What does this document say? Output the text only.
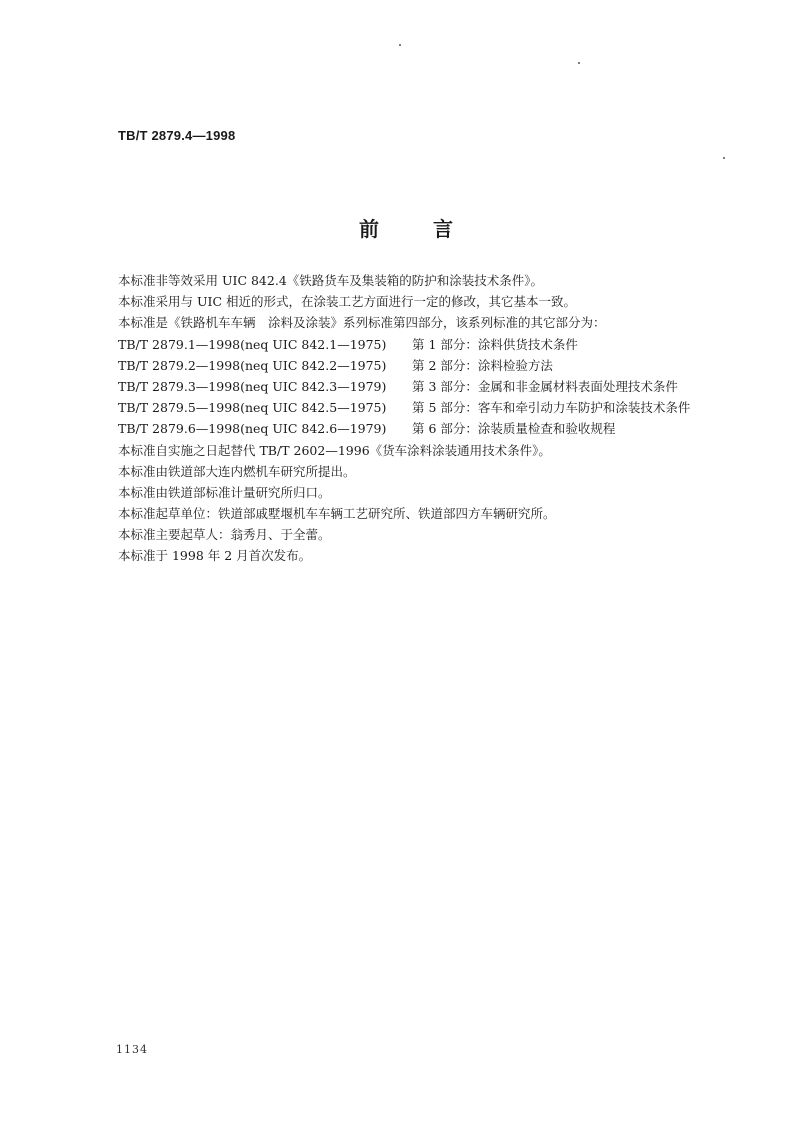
TB/T 2879.4—1998
前	言
本标准非等效采用 UIC 842.4《铁路货车及集装箱的防护和涂装技术条件》。
本标准采用与 UIC 相近的形式，在涂装工艺方面进行一定的修改，其它基本一致。
本标准是《铁路机车车辆　涂料及涂装》系列标准第四部分，该系列标准的其它部分为：
TB/T 2879.1—1998(neq UIC 842.1—1975)	第 1 部分：涂料供货技术条件
TB/T 2879.2—1998(neq UIC 842.2—1975)	第 2 部分：涂料检验方法
TB/T 2879.3—1998(neq UIC 842.3—1979)	第 3 部分：金属和非金属材料表面处理技术条件
TB/T 2879.5—1998(neq UIC 842.5—1975)	第 5 部分：客车和牵引动力车防护和涂装技术条件
TB/T 2879.6—1998(neq UIC 842.6—1979)	第 6 部分：涂装质量检查和验收规程
本标准自实施之日起替代 TB/T 2602—1996《货车涂料涂装通用技术条件》。
本标准由铁道部大连内燃机车研究所提出。
本标准由铁道部标准计量研究所归口。
本标准起草单位：铁道部戚墅堰机车车辆工艺研究所、铁道部四方车辆研究所。
本标准主要起草人：翁秀月、于全蕾。
本标准于 1998 年 2 月首次发布。
1134
